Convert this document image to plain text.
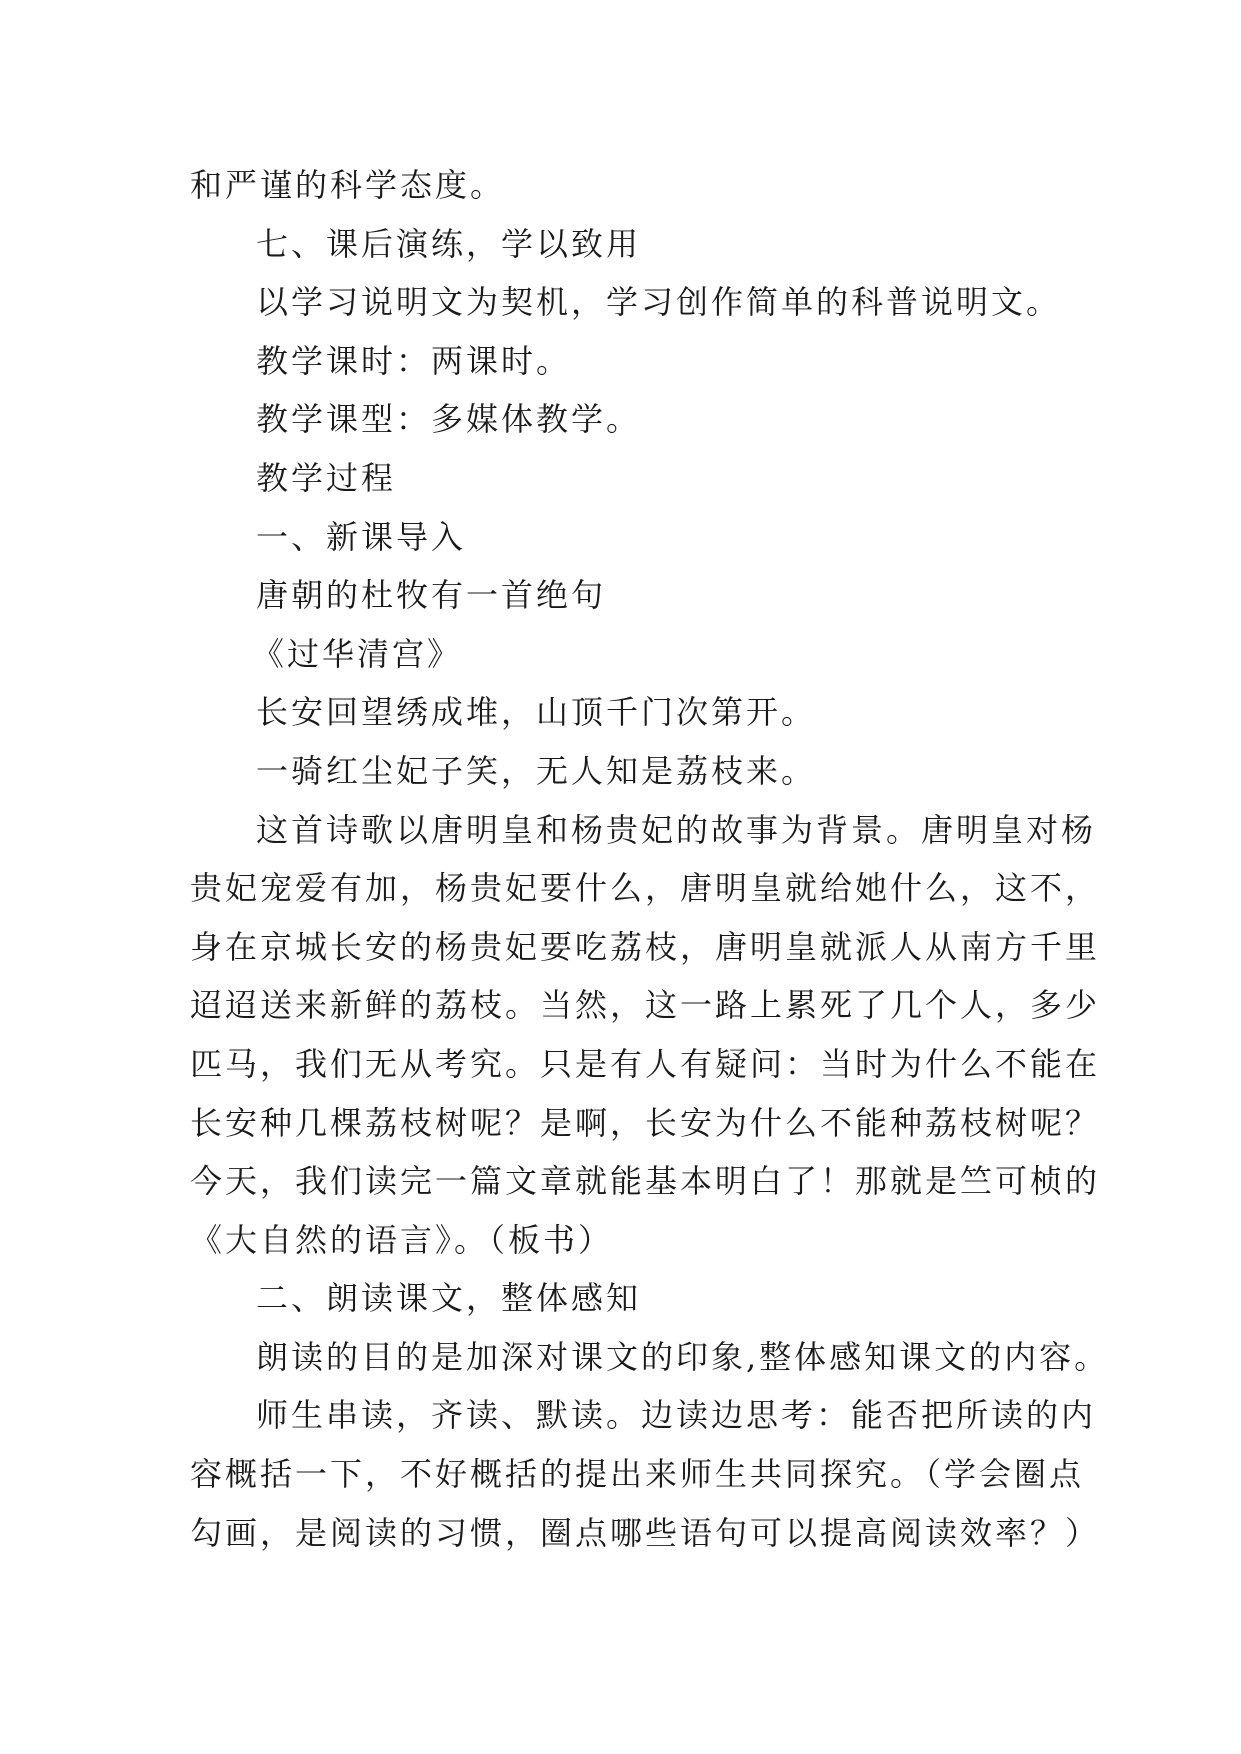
和严谨的科学态度。
七、课后演练，学以致用
以学习说明文为契机，学习创作简单的科普说明文。
教学课时：两课时。
教学课型：多媒体教学。
教学过程
一、新课导入
唐朝的杜牧有一首绝句
《过华清宫》
长安回望绣成堆，山顶千门次第开。
一骑红尘妃子笑，无人知是荔枝来。
这首诗歌以唐明皇和杨贵妃的故事为背景。唐明皇对杨
贵妃宠爱有加，杨贵妃要什么，唐明皇就给她什么，这不，
身在京城长安的杨贵妃要吃荔枝，唐明皇就派人从南方千里
迢迢送来新鲜的荔枝。当然，这一路上累死了几个人，多少
匹马，我们无从考究。只是有人有疑问：当时为什么不能在
长安种几棵荔枝树呢？是啊，长安为什么不能种荔枝树呢？
今天，我们读完一篇文章就能基本明白了！那就是竺可桢的
《大自然的语言》。（板书）
二、朗读课文，整体感知
朗读的目的是加深对课文的印象,整体感知课文的内容。
师生串读，齐读、默读。边读边思考：能否把所读的内
容概括一下，不好概括的提出来师生共同探究。（学会圈点
勾画，是阅读的习惯，圈点哪些语句可以提高阅读效率？）
